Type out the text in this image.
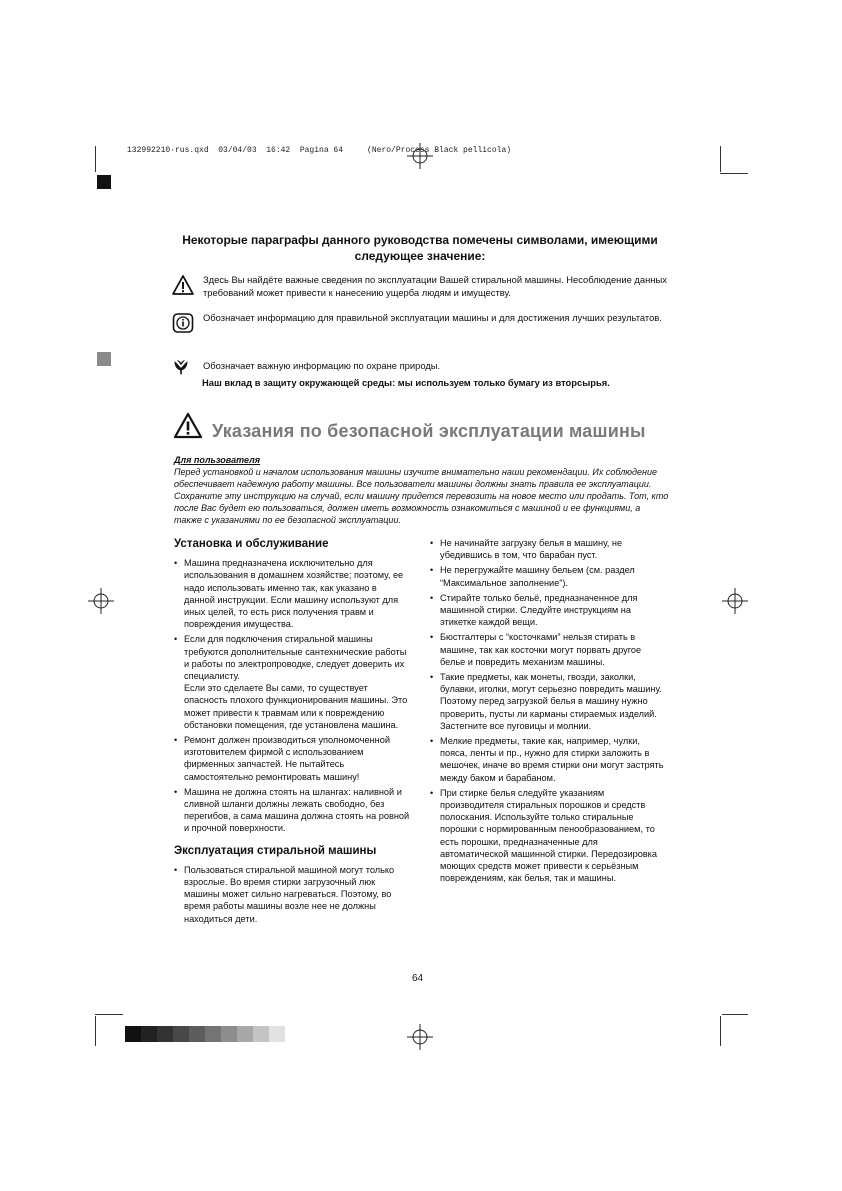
132992210·rus.qxd  03/04/03  16:42  Pagina 64     (Nero/Process Black pellicola)
Некоторые параграфы данного руководства помечены символами, имеющими
следующее значение:
Здесь Вы найдёте важные сведения по эксплуатации Вашей стиральной машины. Несоблюдение данных требований может привести к нанесению ущерба людям и имуществу.
Обозначает информацию для правильной эксплуатации машины и для достижения лучших результатов.
Обозначает важную информацию по охране природы.
Наш вклад в защиту окружающей среды: мы используем только бумагу из вторсырья.
Указания по безопасной эксплуатации машины
Для пользователя
Перед установкой и началом использования машины изучите внимательно наши рекомендации. Их соблюдение обеспечивает надежную работу машины. Все пользователи машины должны знать правила ее эксплуатации. Сохраните эту инструкцию на случай, если машину придется перевозить на новое место или продать. Тот, кто после Вас будет ею пользоваться, должен иметь возможность ознакомиться с машиной и ее функциями, а также с указаниями по ее безопасной эксплуатации.
Установка и обслуживание
• Машина предназначена исключительно для использования в домашнем хозяйстве; поэтому, ее надо использовать именно так, как указано в данной инструкции. Если машину используют для иных целей, то есть риск получения травм и повреждения имущества.
• Если для подключения стиральной машины требуются дополнительные сантехнические работы и работы по электропроводке, следует доверить их специалисту.
Если это сделаете Вы сами, то существует опасность плохого функционирования машины. Это может привести к травмам или к повреждению обстановки помещения, где установлена машина.
• Ремонт должен производиться уполномоченной изготовителем фирмой с использованием фирменных запчастей. Не пытайтесь самостоятельно ремонтировать машину!
• Машина не должна стоять на шлангах: наливной и сливной шланги должны лежать свободно, без перегибов, а сама машина должна стоять на ровной и прочной поверхности.
Эксплуатация стиральной машины
• Пользоваться стиральной машиной могут только взрослые. Во время стирки загрузочный люк машины может сильно нагреваться. Поэтому, во время работы машины возле нее не должны находиться дети.
• Не начинайте загрузку белья в машину, не убедившись в том, что барабан пуст.
• Не перегружайте машину бельем (см. раздел “Максимальное заполнение”).
• Стирайте только бельё, предназначенное для машинной стирки. Следуйте инструкциям на этикетке каждой вещи.
• Бюстгалтеры с “косточками” нельзя стирать в машине, так как косточки могут порвать другое белье и повредить механизм машины.
• Такие предметы, как монеты, гвозди, заколки, булавки, иголки, могут серьезно повредить машину. Поэтому перед загрузкой белья в машину нужно проверить, пусты ли карманы стираемых изделий. Застегните все пуговицы и молнии.
• Мелкие предметы, такие как, например, чулки, пояса, ленты и пр., нужно для стирки заложить в мешочек, иначе во время стирки они могут застрять между баком и барабаном.
• При стирке белья следуйте указаниям производителя стиральных порошков и средств полоскания. Используйте только стиральные порошки с нормированным пенообразованием, то есть порошки, предназначенные для автоматической машинной стирки. Передозировка моющих средств может привести к серьёзным повреждениям, как белья, так и машины.
64
